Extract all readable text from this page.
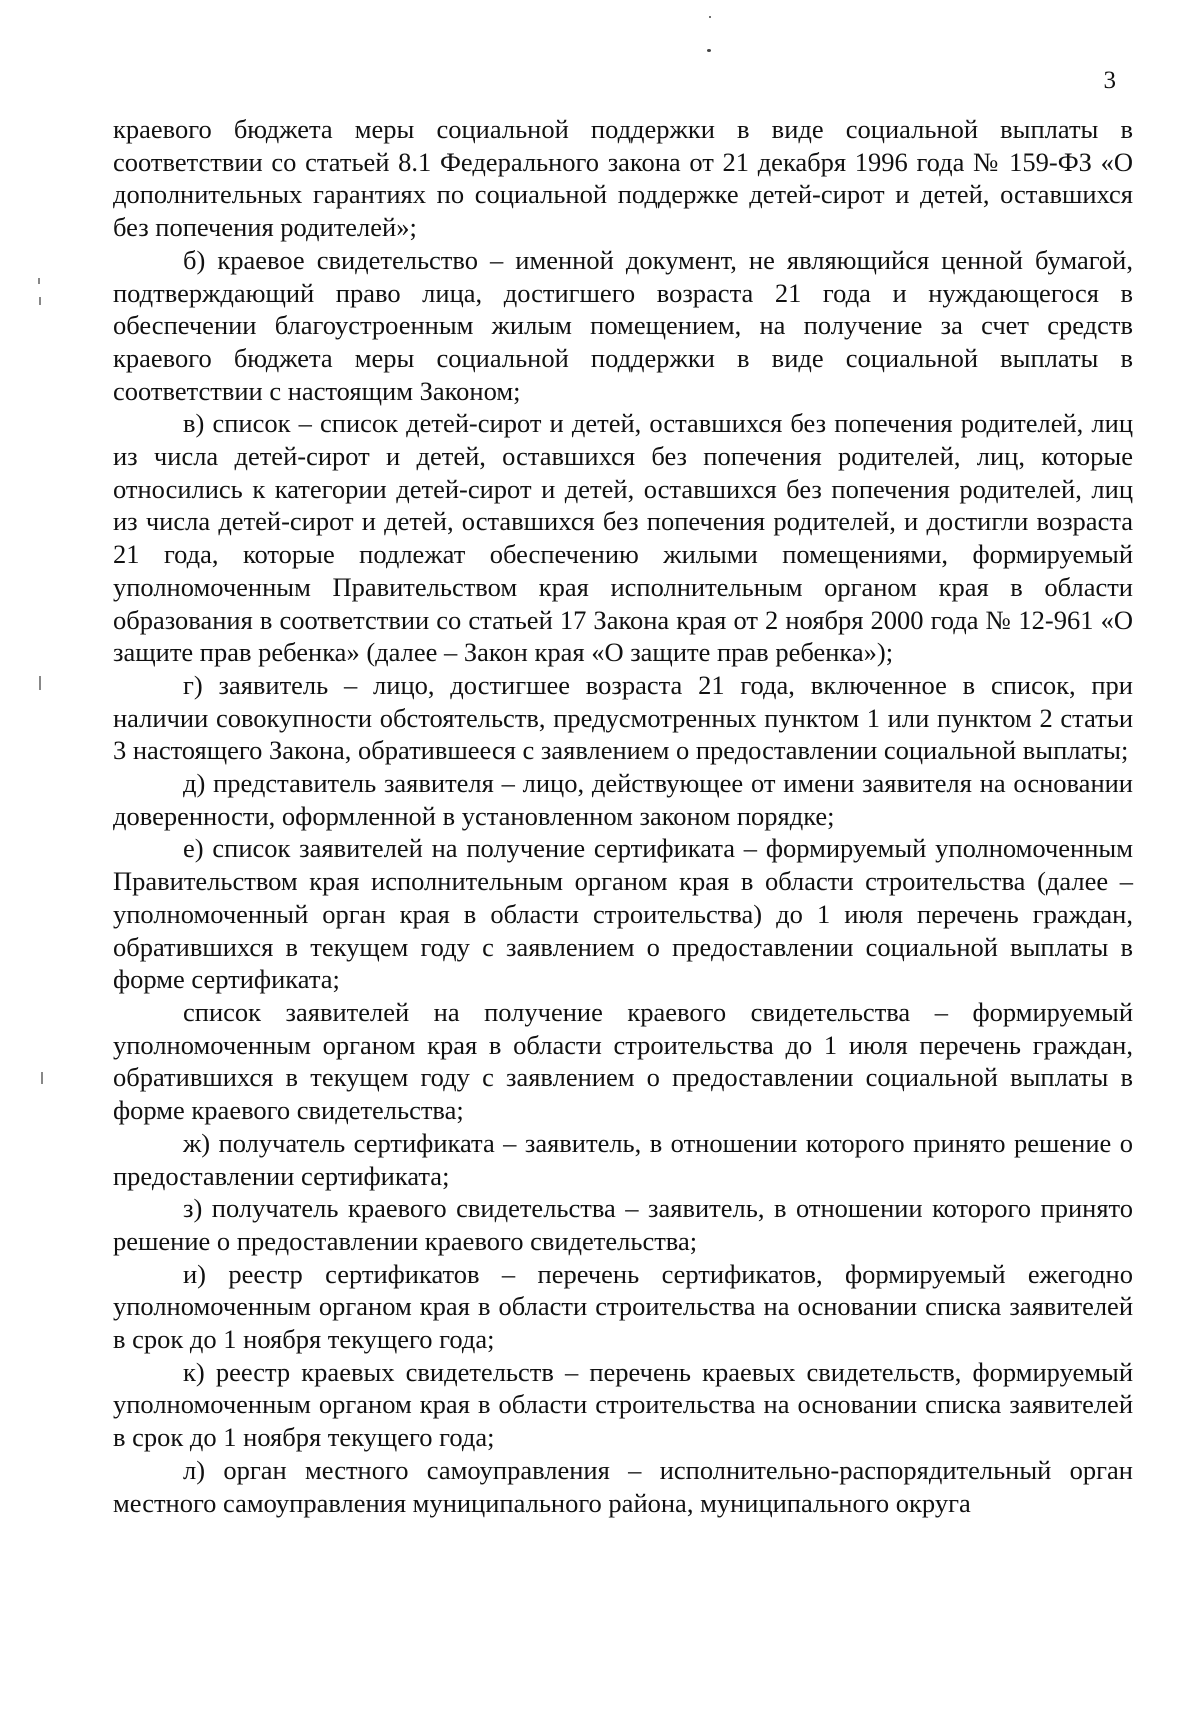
3

краевого бюджета меры социальной поддержки в виде социальной выплаты в соответствии со статьей 8.1 Федерального закона от 21 декабря 1996 года № 159-ФЗ «О дополнительных гарантиях по социальной поддержке детей-сирот и детей, оставшихся без попечения родителей»;

б) краевое свидетельство – именной документ, не являющийся ценной бумагой, подтверждающий право лица, достигшего возраста 21 года и нуждающегося в обеспечении благоустроенным жилым помещением, на получение за счет средств краевого бюджета меры социальной поддержки в виде социальной выплаты в соответствии с настоящим Законом;

в) список – список детей-сирот и детей, оставшихся без попечения родителей, лиц из числа детей-сирот и детей, оставшихся без попечения родителей, лиц, которые относились к категории детей-сирот и детей, оставшихся без попечения родителей, лиц из числа детей-сирот и детей, оставшихся без попечения родителей, и достигли возраста 21 года, которые подлежат обеспечению жилыми помещениями, формируемый уполномоченным Правительством края исполнительным органом края в области образования в соответствии со статьей 17 Закона края от 2 ноября 2000 года № 12-961 «О защите прав ребенка» (далее – Закон края «О защите прав ребенка»);

г) заявитель – лицо, достигшее возраста 21 года, включенное в список, при наличии совокупности обстоятельств, предусмотренных пунктом 1 или пунктом 2 статьи 3 настоящего Закона, обратившееся с заявлением о предоставлении социальной выплаты;

д) представитель заявителя – лицо, действующее от имени заявителя на основании доверенности, оформленной в установленном законом порядке;

е) список заявителей на получение сертификата – формируемый уполномоченным Правительством края исполнительным органом края в области строительства (далее – уполномоченный орган края в области строительства) до 1 июля перечень граждан, обратившихся в текущем году с заявлением о предоставлении социальной выплаты в форме сертификата;

список заявителей на получение краевого свидетельства – формируемый уполномоченным органом края в области строительства до 1 июля перечень граждан, обратившихся в текущем году с заявлением о предоставлении социальной выплаты в форме краевого свидетельства;

ж) получатель сертификата – заявитель, в отношении которого принято решение о предоставлении сертификата;

з) получатель краевого свидетельства – заявитель, в отношении которого принято решение о предоставлении краевого свидетельства;

и) реестр сертификатов – перечень сертификатов, формируемый ежегодно уполномоченным органом края в области строительства на основании списка заявителей в срок до 1 ноября текущего года;

к) реестр краевых свидетельств – перечень краевых свидетельств, формируемый уполномоченным органом края в области строительства на основании списка заявителей в срок до 1 ноября текущего года;

л) орган местного самоуправления – исполнительно-распорядительный орган местного самоуправления муниципального района, муниципального округа
